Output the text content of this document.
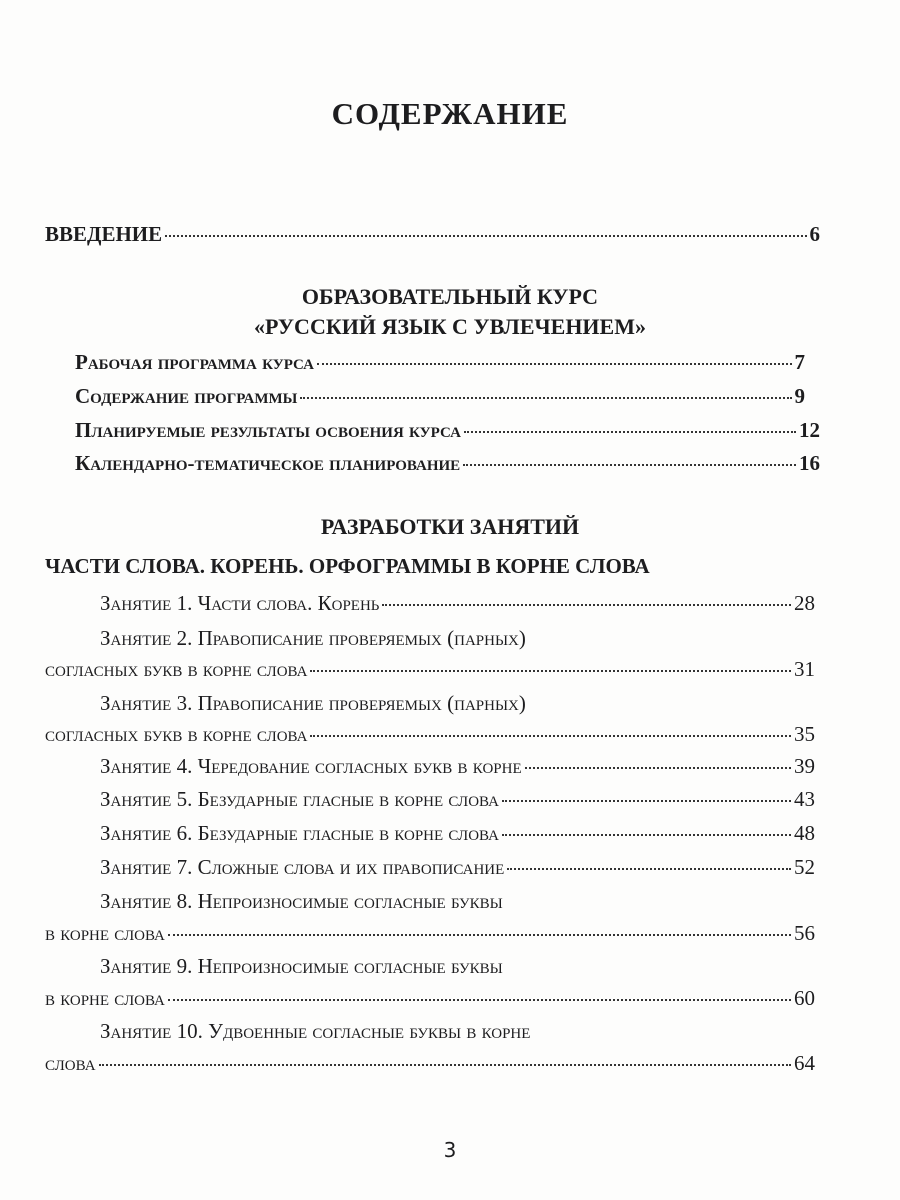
СОДЕРЖАНИЕ
ВВЕДЕНИЕ	6
ОБРАЗОВАТЕЛЬНЫЙ КУРС
«РУССКИЙ ЯЗЫК С УВЛЕЧЕНИЕМ»
Рабочая программа курса	7
Содержание программы	9
Планируемые результаты освоения курса	12
Календарно-тематическое планирование	16
РАЗРАБОТКИ ЗАНЯТИЙ
ЧАСТИ СЛОВА. КОРЕНЬ. ОРФОГРАММЫ В КОРНЕ СЛОВА
Занятие 1. Части слова. Корень	28
Занятие 2. Правописание проверяемых (парных)
согласных букв в корне слова	31
Занятие 3. Правописание проверяемых (парных)
согласных букв в корне слова	35
Занятие 4. Чередование согласных букв в корне	39
Занятие 5. Безударные гласные в корне слова	43
Занятие 6. Безударные гласные в корне слова	48
Занятие 7. Сложные слова и их правописание	52
Занятие 8. Непроизносимые согласные буквы
в корне слова	56
Занятие 9. Непроизносимые согласные буквы
в корне слова	60
Занятие 10. Удвоенные согласные буквы в корне
слова	64
3
